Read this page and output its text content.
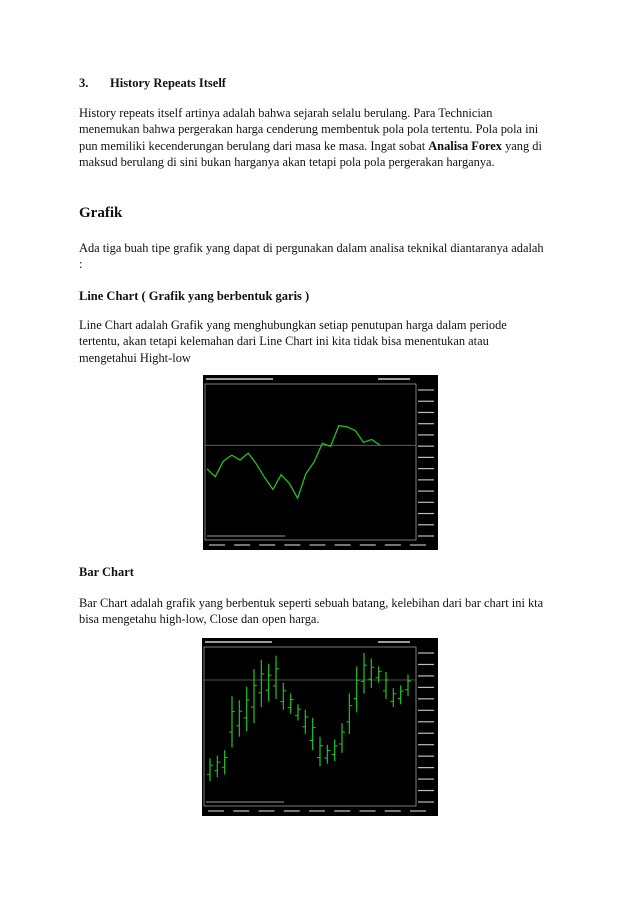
3. History Repeats Itself

History repeats itself artinya adalah bahwa sejarah selalu berulang. Para Technician

menemukan bahwa pergerakan harga cenderung membentuk pola pola tertentu. Pola pola ini

pun memiliki kecenderungan berulang dari masa ke masa. Ingat sobat Analisa Forex yang di

maksud berulang di sini bukan harganya akan tetapi pola pola pergerakan harganya.

Grafik

Ada tiga buah tipe grafik yang dapat di pergunakan dalam analisa teknikal diantaranya adalah

:

Line Chart ( Grafik yang berbentuk garis )

Line Chart adalah Grafik yang menghubungkan setiap penutupan harga dalam periode

tertentu, akan tetapi kelemahan dari Line Chart ini kita tidak bisa menentukan atau

mengetahui Hight-low

Bar Chart

Bar Chart adalah grafik yang berbentuk seperti sebuah batang, kelebihan dari bar chart ini kta

bisa mengetahu high-low, Close dan open harga.
